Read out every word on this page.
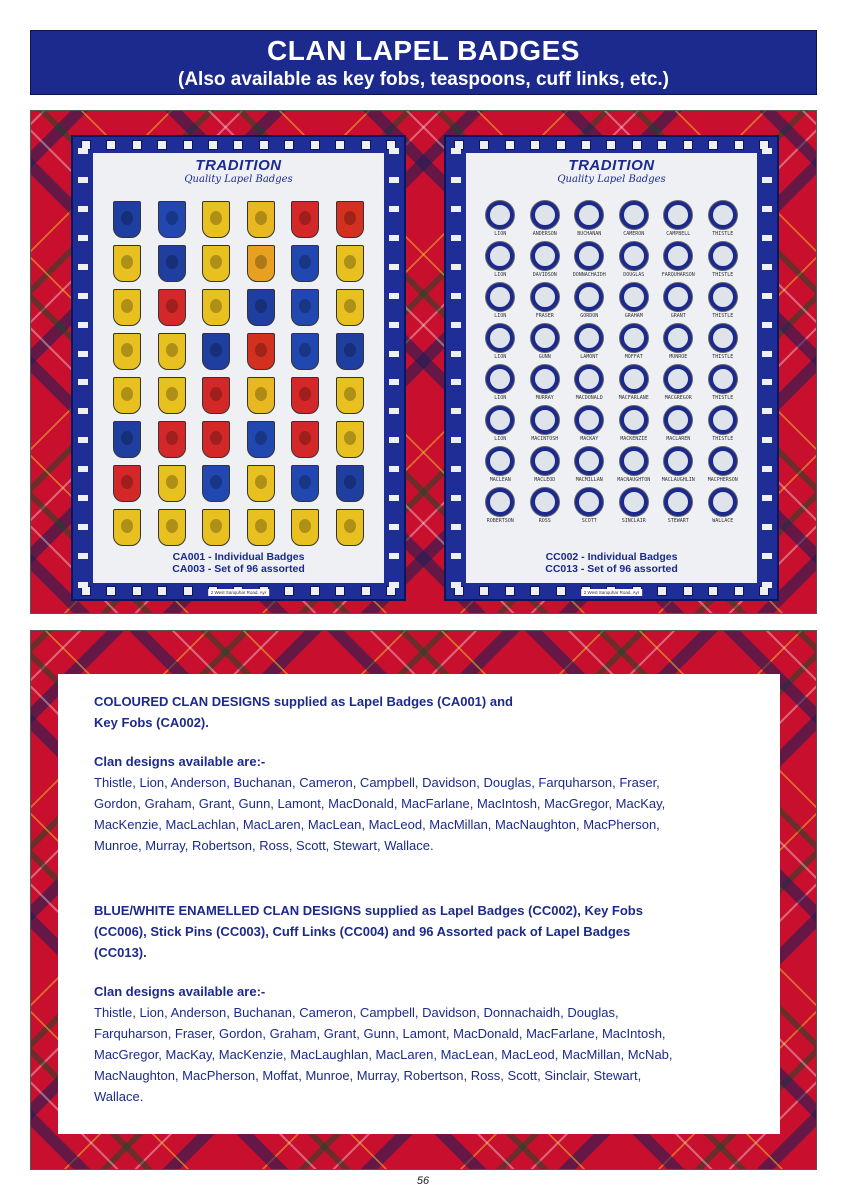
CLAN LAPEL BADGES
(Also available as key fobs, teaspoons, cuff links, etc.)
TRADITION
Quality Lapel Badges
CA001 - Individual Badges
CA003 - Set of 96 assorted
2 West Sanquhar Road, Ayr
TRADITION
Quality Lapel Badges
LION	ANDERSON	BUCHANAN	CAMERON	CAMPBELL	THISTLE
LION	DAVIDSON	DONNACHAIDH	DOUGLAS	FARQUHARSON	THISTLE
LION	FRASER	GORDON	GRAHAM	GRANT	THISTLE
LION	GUNN	LAMONT	MOFFAT	MUNROE	THISTLE
LION	MURRAY	MACDONALD	MACFARLANE	MACGREGOR	THISTLE
LION	MACINTOSH	MACKAY	MACKENZIE	MACLAREN	THISTLE
MACLEAN	MACLEOD	MACMILLAN	MACNAUGHTON	MACLAUGHLIN	MACPHERSON
ROBERTSON	ROSS	SCOTT	SINCLAIR	STEWART	WALLACE
CC002 - Individual Badges
CC013 - Set of 96 assorted
2 West Sanquhar Road, Ayr

COLOURED CLAN DESIGNS supplied as Lapel Badges (CA001) and

Key Fobs (CA002).

Clan designs available are:-

Thistle, Lion, Anderson, Buchanan, Cameron, Campbell, Davidson, Douglas, Farquharson, Fraser,

Gordon, Graham, Grant, Gunn, Lamont, MacDonald, MacFarlane, MacIntosh, MacGregor, MacKay,

MacKenzie, MacLachlan, MacLaren, MacLean, MacLeod, MacMillan, MacNaughton, MacPherson,

Munroe, Murray, Robertson, Ross, Scott, Stewart, Wallace.

BLUE/WHITE ENAMELLED CLAN DESIGNS supplied as Lapel Badges (CC002), Key Fobs

(CC006), Stick Pins (CC003), Cuff Links (CC004) and 96 Assorted pack of Lapel Badges

(CC013).

Clan designs available are:-

Thistle, Lion, Anderson, Buchanan, Cameron, Campbell, Davidson, Donnachaidh, Douglas,

Farquharson, Fraser, Gordon, Graham, Grant, Gunn, Lamont, MacDonald, MacFarlane, MacIntosh,

MacGregor, MacKay, MacKenzie, MacLaughlan, MacLaren, MacLean, MacLeod, MacMillan, McNab,

MacNaughton, MacPherson, Moffat, Munroe, Murray, Robertson, Ross, Scott, Sinclair, Stewart,

Wallace.

56
